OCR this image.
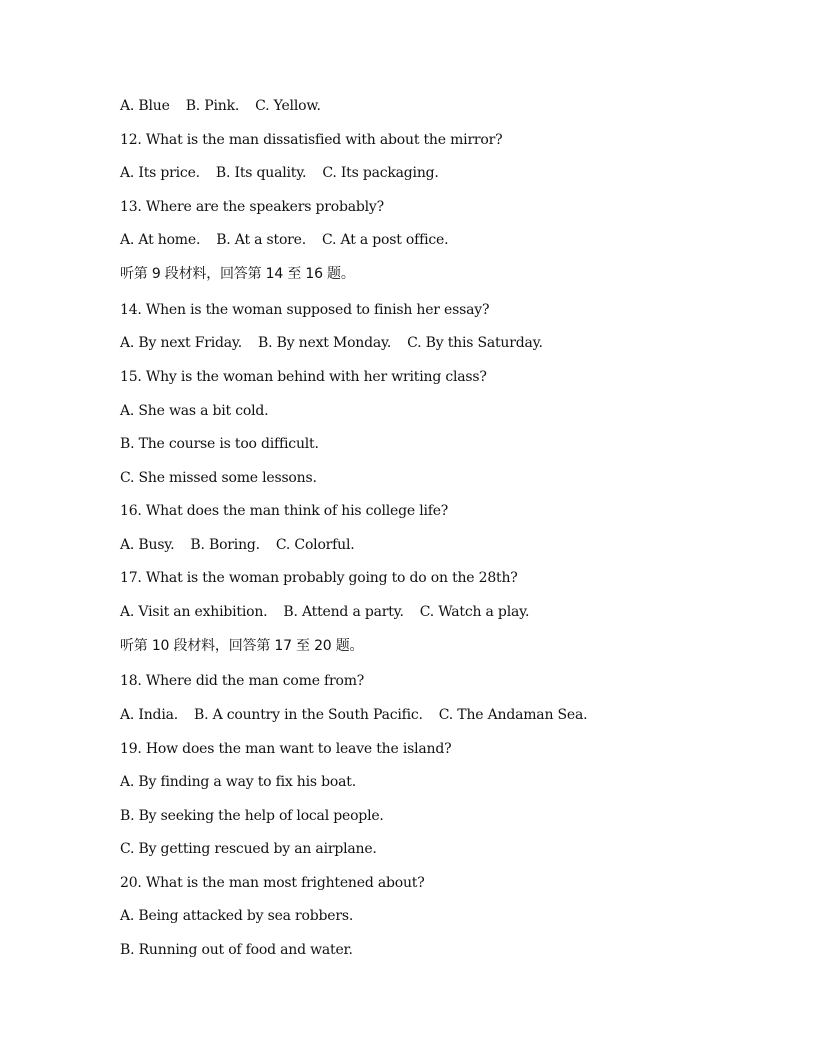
A. Blue B. Pink. C. Yellow.
12. What is the man dissatisfied with about the mirror?
A. Its price. B. Its quality. C. Its packaging.
13. Where are the speakers probably?
A. At home. B. At a store. C. At a post office.
听第 9 段材料，回答第 14 至 16 题。
14. When is the woman supposed to finish her essay?
A. By next Friday. B. By next Monday. C. By this Saturday.
15. Why is the woman behind with her writing class?
A. She was a bit cold.
B. The course is too difficult.
C. She missed some lessons.
16. What does the man think of his college life?
A. Busy. B. Boring. C. Colorful.
17. What is the woman probably going to do on the 28th?
A. Visit an exhibition. B. Attend a party. C. Watch a play.
听第 10 段材料，回答第 17 至 20 题。
18. Where did the man come from?
A. India. B. A country in the South Pacific. C. The Andaman Sea.
19. How does the man want to leave the island?
A. By finding a way to fix his boat.
B. By seeking the help of local people.
C. By getting rescued by an airplane.
20. What is the man most frightened about?
A. Being attacked by sea robbers.
B. Running out of food and water.
